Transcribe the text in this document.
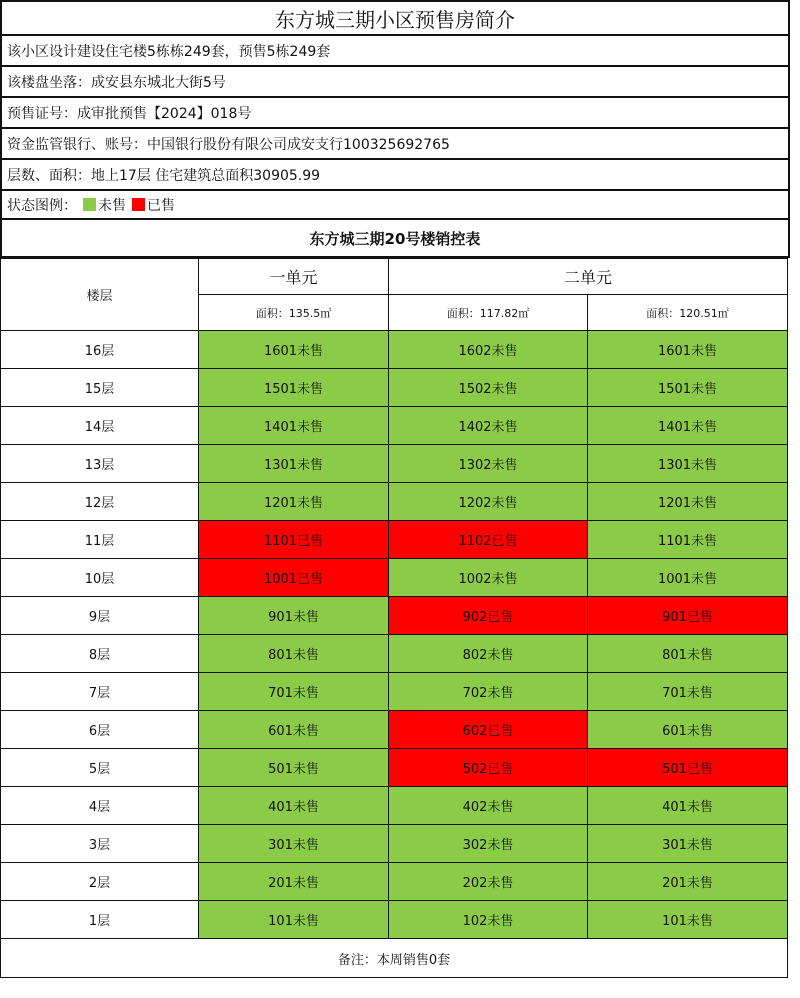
东方城三期小区预售房简介
该小区设计建设住宅楼5栋栋249套，预售5栋249套
该楼盘坐落：成安县东城北大街5号
预售证号：成审批预售【2024】018号
资金监管银行、账号：中国银行股份有限公司成安支行100325692765
层数、面积：地上17层 住宅建筑总面积30905.99
状态图例： 未售 已售
东方城三期20号楼销控表
楼层	一单元	二单元	
	面积：135.5㎡	面积：117.82㎡	面积：120.51㎡
16层	1601未售	1602未售	1601未售
15层	1501未售	1502未售	1501未售
14层	1401未售	1402未售	1401未售
13层	1301未售	1302未售	1301未售
12层	1201未售	1202未售	1201未售
11层	1101已售	1102已售	1101未售
10层	1001已售	1002未售	1001未售
9层	901未售	902已售	901已售
8层	801未售	802未售	801未售
7层	701未售	702未售	701未售
6层	601未售	602已售	601未售
5层	501未售	502已售	501已售
4层	401未售	402未售	401未售
3层	301未售	302未售	301未售
2层	201未售	202未售	201未售
1层	101未售	102未售	101未售
备注：本周销售0套			
